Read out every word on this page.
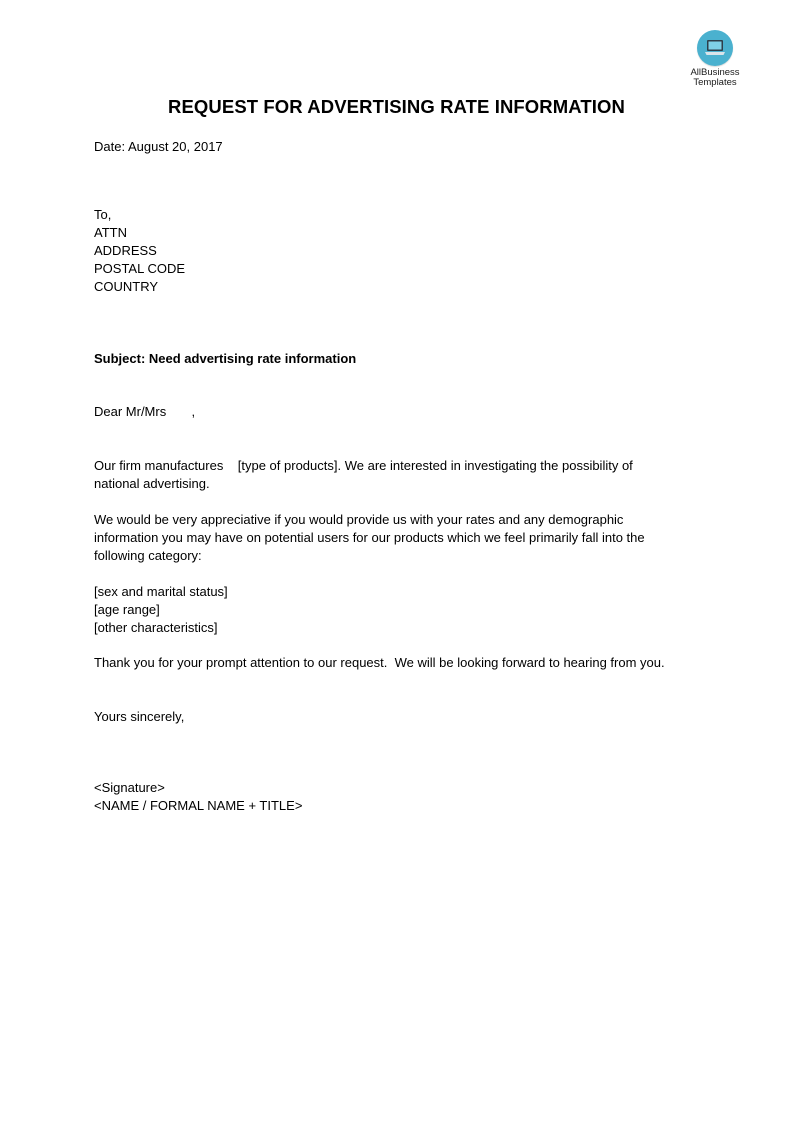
AllBusiness
Templates
REQUEST FOR ADVERTISING RATE INFORMATION
Date: August 20, 2017
To,
ATTN
ADDRESS
POSTAL CODE
COUNTRY
Subject: Need advertising rate information
Dear Mr/Mrs       ,
Our firm manufactures    [type of products]. We are interested in investigating the possibility of
national advertising.
We would be very appreciative if you would provide us with your rates and any demographic
information you may have on potential users for our products which we feel primarily fall into the
following category:
[sex and marital status]
[age range]
[other characteristics]
Thank you for your prompt attention to our request.  We will be looking forward to hearing from you.
Yours sincerely,
<Signature>
<NAME / FORMAL NAME + TITLE>
